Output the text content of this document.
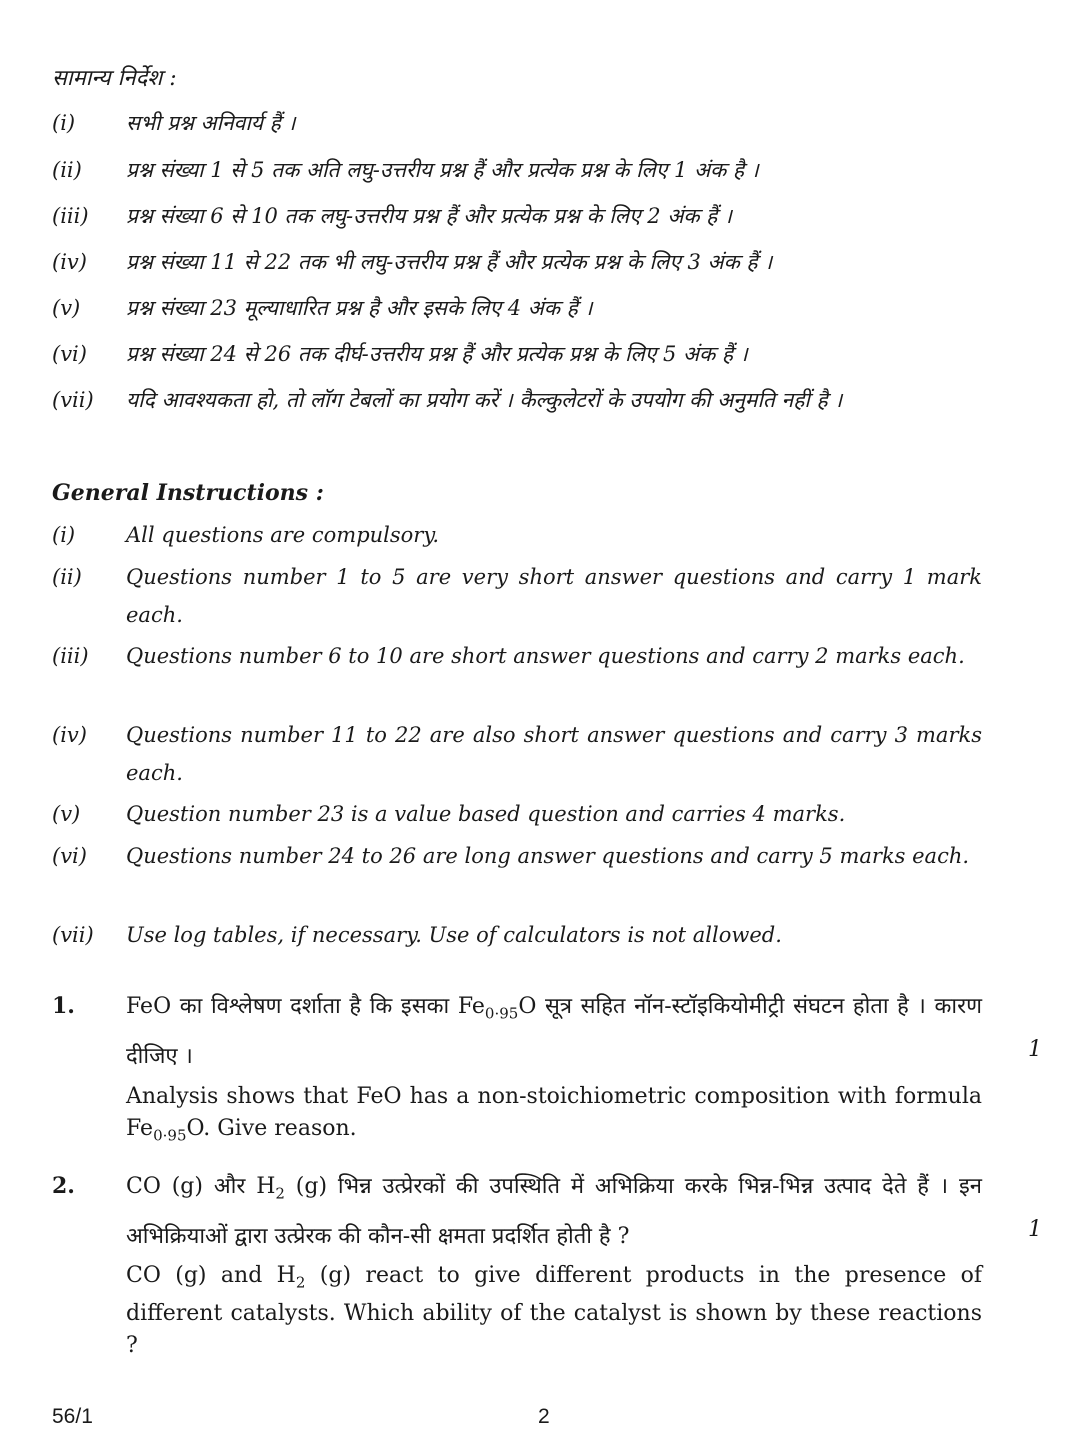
सामान्य निर्देश :
(i)	सभी प्रश्न अनिवार्य हैं ।
(ii)	प्रश्न संख्या 1 से 5 तक अति लघु-उत्तरीय प्रश्न हैं और प्रत्येक प्रश्न के लिए 1 अंक है ।
(iii)	प्रश्न संख्या 6 से 10 तक लघु-उत्तरीय प्रश्न हैं और प्रत्येक प्रश्न के लिए 2 अंक हैं ।
(iv)	प्रश्न संख्या 11 से 22 तक भी लघु-उत्तरीय प्रश्न हैं और प्रत्येक प्रश्न के लिए 3 अंक हैं ।
(v)	प्रश्न संख्या 23 मूल्याधारित प्रश्न है और इसके लिए 4 अंक हैं ।
(vi)	प्रश्न संख्या 24 से 26 तक दीर्घ-उत्तरीय प्रश्न हैं और प्रत्येक प्रश्न के लिए 5 अंक हैं ।
(vii)	यदि आवश्यकता हो, तो लॉग टेबलों का प्रयोग करें । कैल्कुलेटरों के उपयोग की अनुमति नहीं है ।
General Instructions :
(i)	All questions are compulsory.
(ii)	Questions number 1 to 5 are very short answer questions and carry 1 mark each.
(iii)	Questions number 6 to 10 are short answer questions and carry 2 marks each.
(iv)	Questions number 11 to 22 are also short answer questions and carry 3 marks each.
(v)	Question number 23 is a value based question and carries 4 marks.
(vi)	Questions number 24 to 26 are long answer questions and carry 5 marks each.
(vii)	Use log tables, if necessary. Use of calculators is not allowed.
1. FeO का विश्लेषण दर्शाता है कि इसका $Fe_{0\cdot 95}O$ सूत्र सहित नॉन-स्टॉइकियोमीट्री संघटन होता है । कारण दीजिए ।	1
Analysis shows that FeO has a non-stoichiometric composition with formula $Fe_{0\cdot 95}O$. Give reason.
2. CO (g) और $H_2$ (g) भिन्न उत्प्रेरकों की उपस्थिति में अभिक्रिया करके भिन्न-भिन्न उत्पाद देते हैं । इन अभिक्रियाओं द्वारा उत्प्रेरक की कौन-सी क्षमता प्रदर्शित होती है ?	1
CO (g) and $H_2$ (g) react to give different products in the presence of different catalysts. Which ability of the catalyst is shown by these reactions ?
56/1	2
